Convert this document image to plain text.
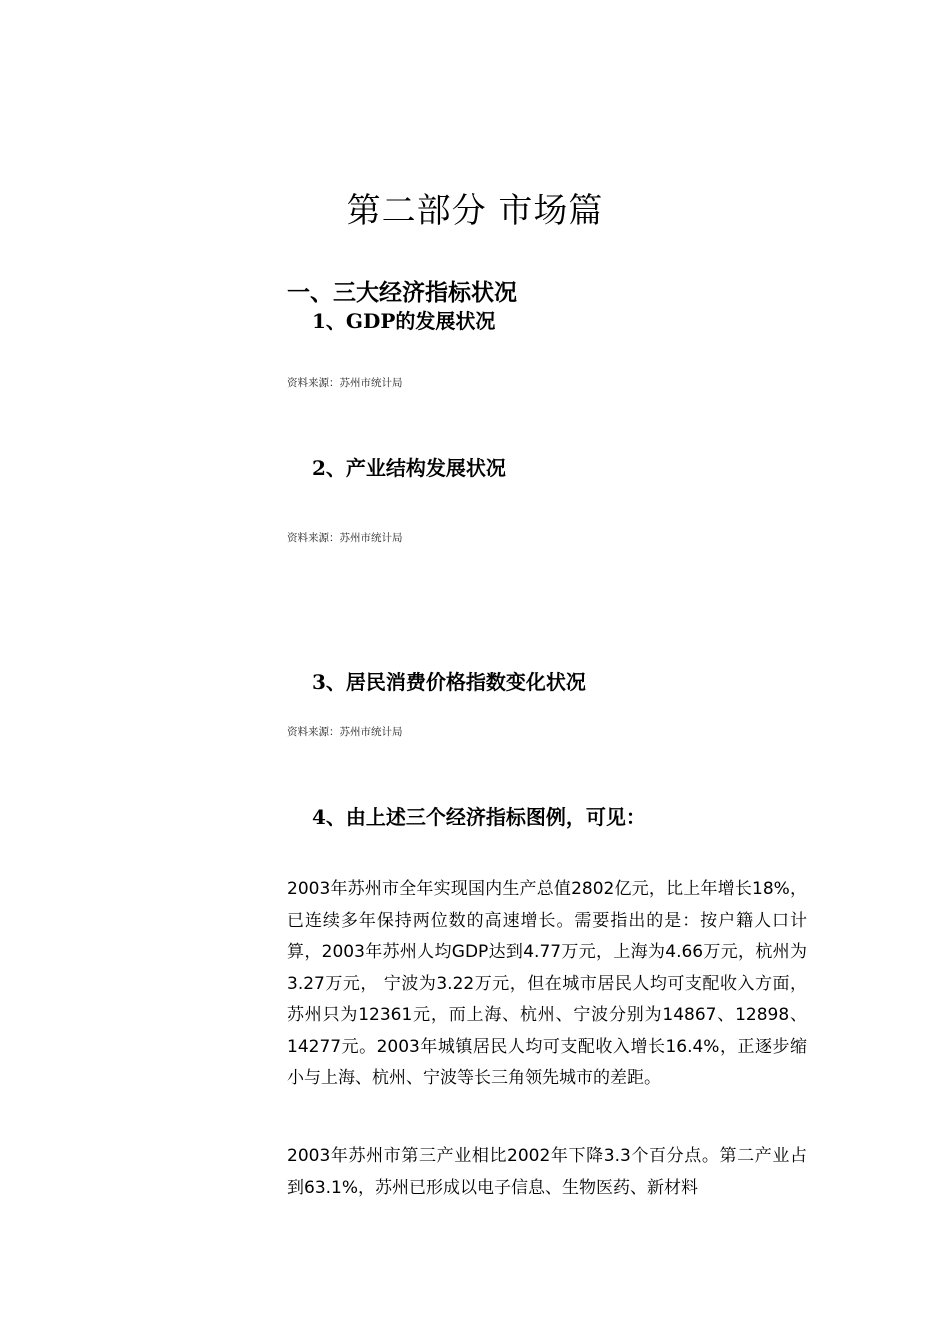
第二部分 市场篇
一、三大经济指标状况
1、GDP的发展状况
资料来源：苏州市统计局
2、产业结构发展状况
资料来源：苏州市统计局
3、居民消费价格指数变化状况
资料来源：苏州市统计局
4、由上述三个经济指标图例，可见：

2003年苏州市全年实现国内生产总值2802亿元，比上年增长18%，已连续多年保持两位数的高速增长。需要指出的是：按户籍人口计算，2003年苏州人均GDP达到4.77万元，上海为4.66万元，杭州为3.27万元， 宁波为3.22万元，但在城市居民人均可支配收入方面，苏州只为12361元，而上海、杭州、宁波分别为14867、12898、14277元。2003年城镇居民人均可支配收入增长16.4%，正逐步缩小与上海、杭州、宁波等长三角领先城市的差距。

2003年苏州市第三产业相比2002年下降3.3个百分点。第二产业占到63.1%，苏州已形成以电子信息、生物医药、新材料
